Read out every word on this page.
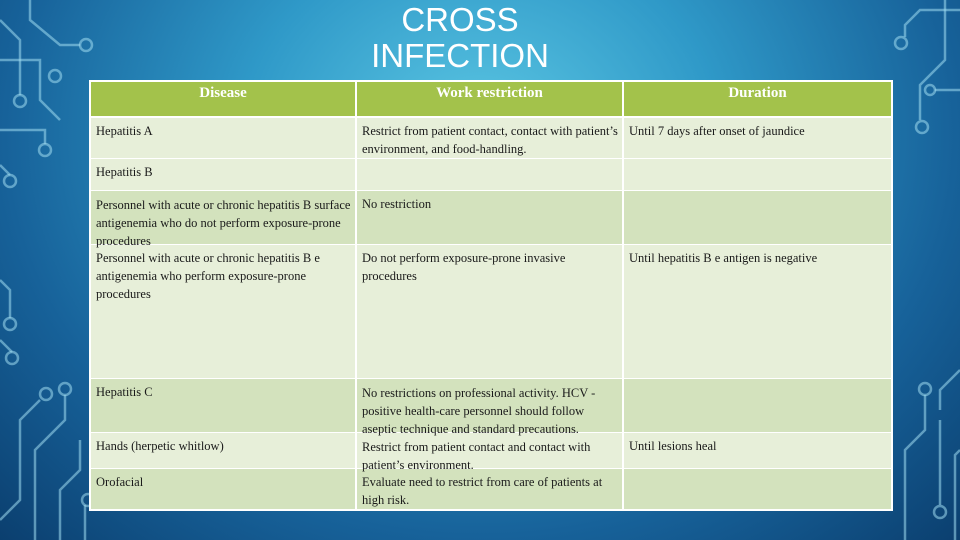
CROSS
INFECTION
Disease	Work restriction	Duration
Hepatitis A	Restrict from patient contact, contact with patient’s environment, and food-handling.	Until 7 days after onset of jaundice
Hepatitis B		

Personnel with acute or chronic hepatitis B surface antigenemia who do not perform exposure-prone procedures	No restriction	
Personnel with acute or chronic hepatitis B e antigenemia who perform exposure-prone procedures	Do not perform exposure-prone invasive procedures	Until hepatitis B e antigen is negative
Hepatitis C	No restrictions on professional activity. HCV -positive health-care personnel should follow aseptic technique and standard precautions.	

Hands (herpetic whitlow)	Restrict from patient contact and contact with patient’s environment.	Until lesions heal
Orofacial	Evaluate need to restrict from care of patients at high risk.	
